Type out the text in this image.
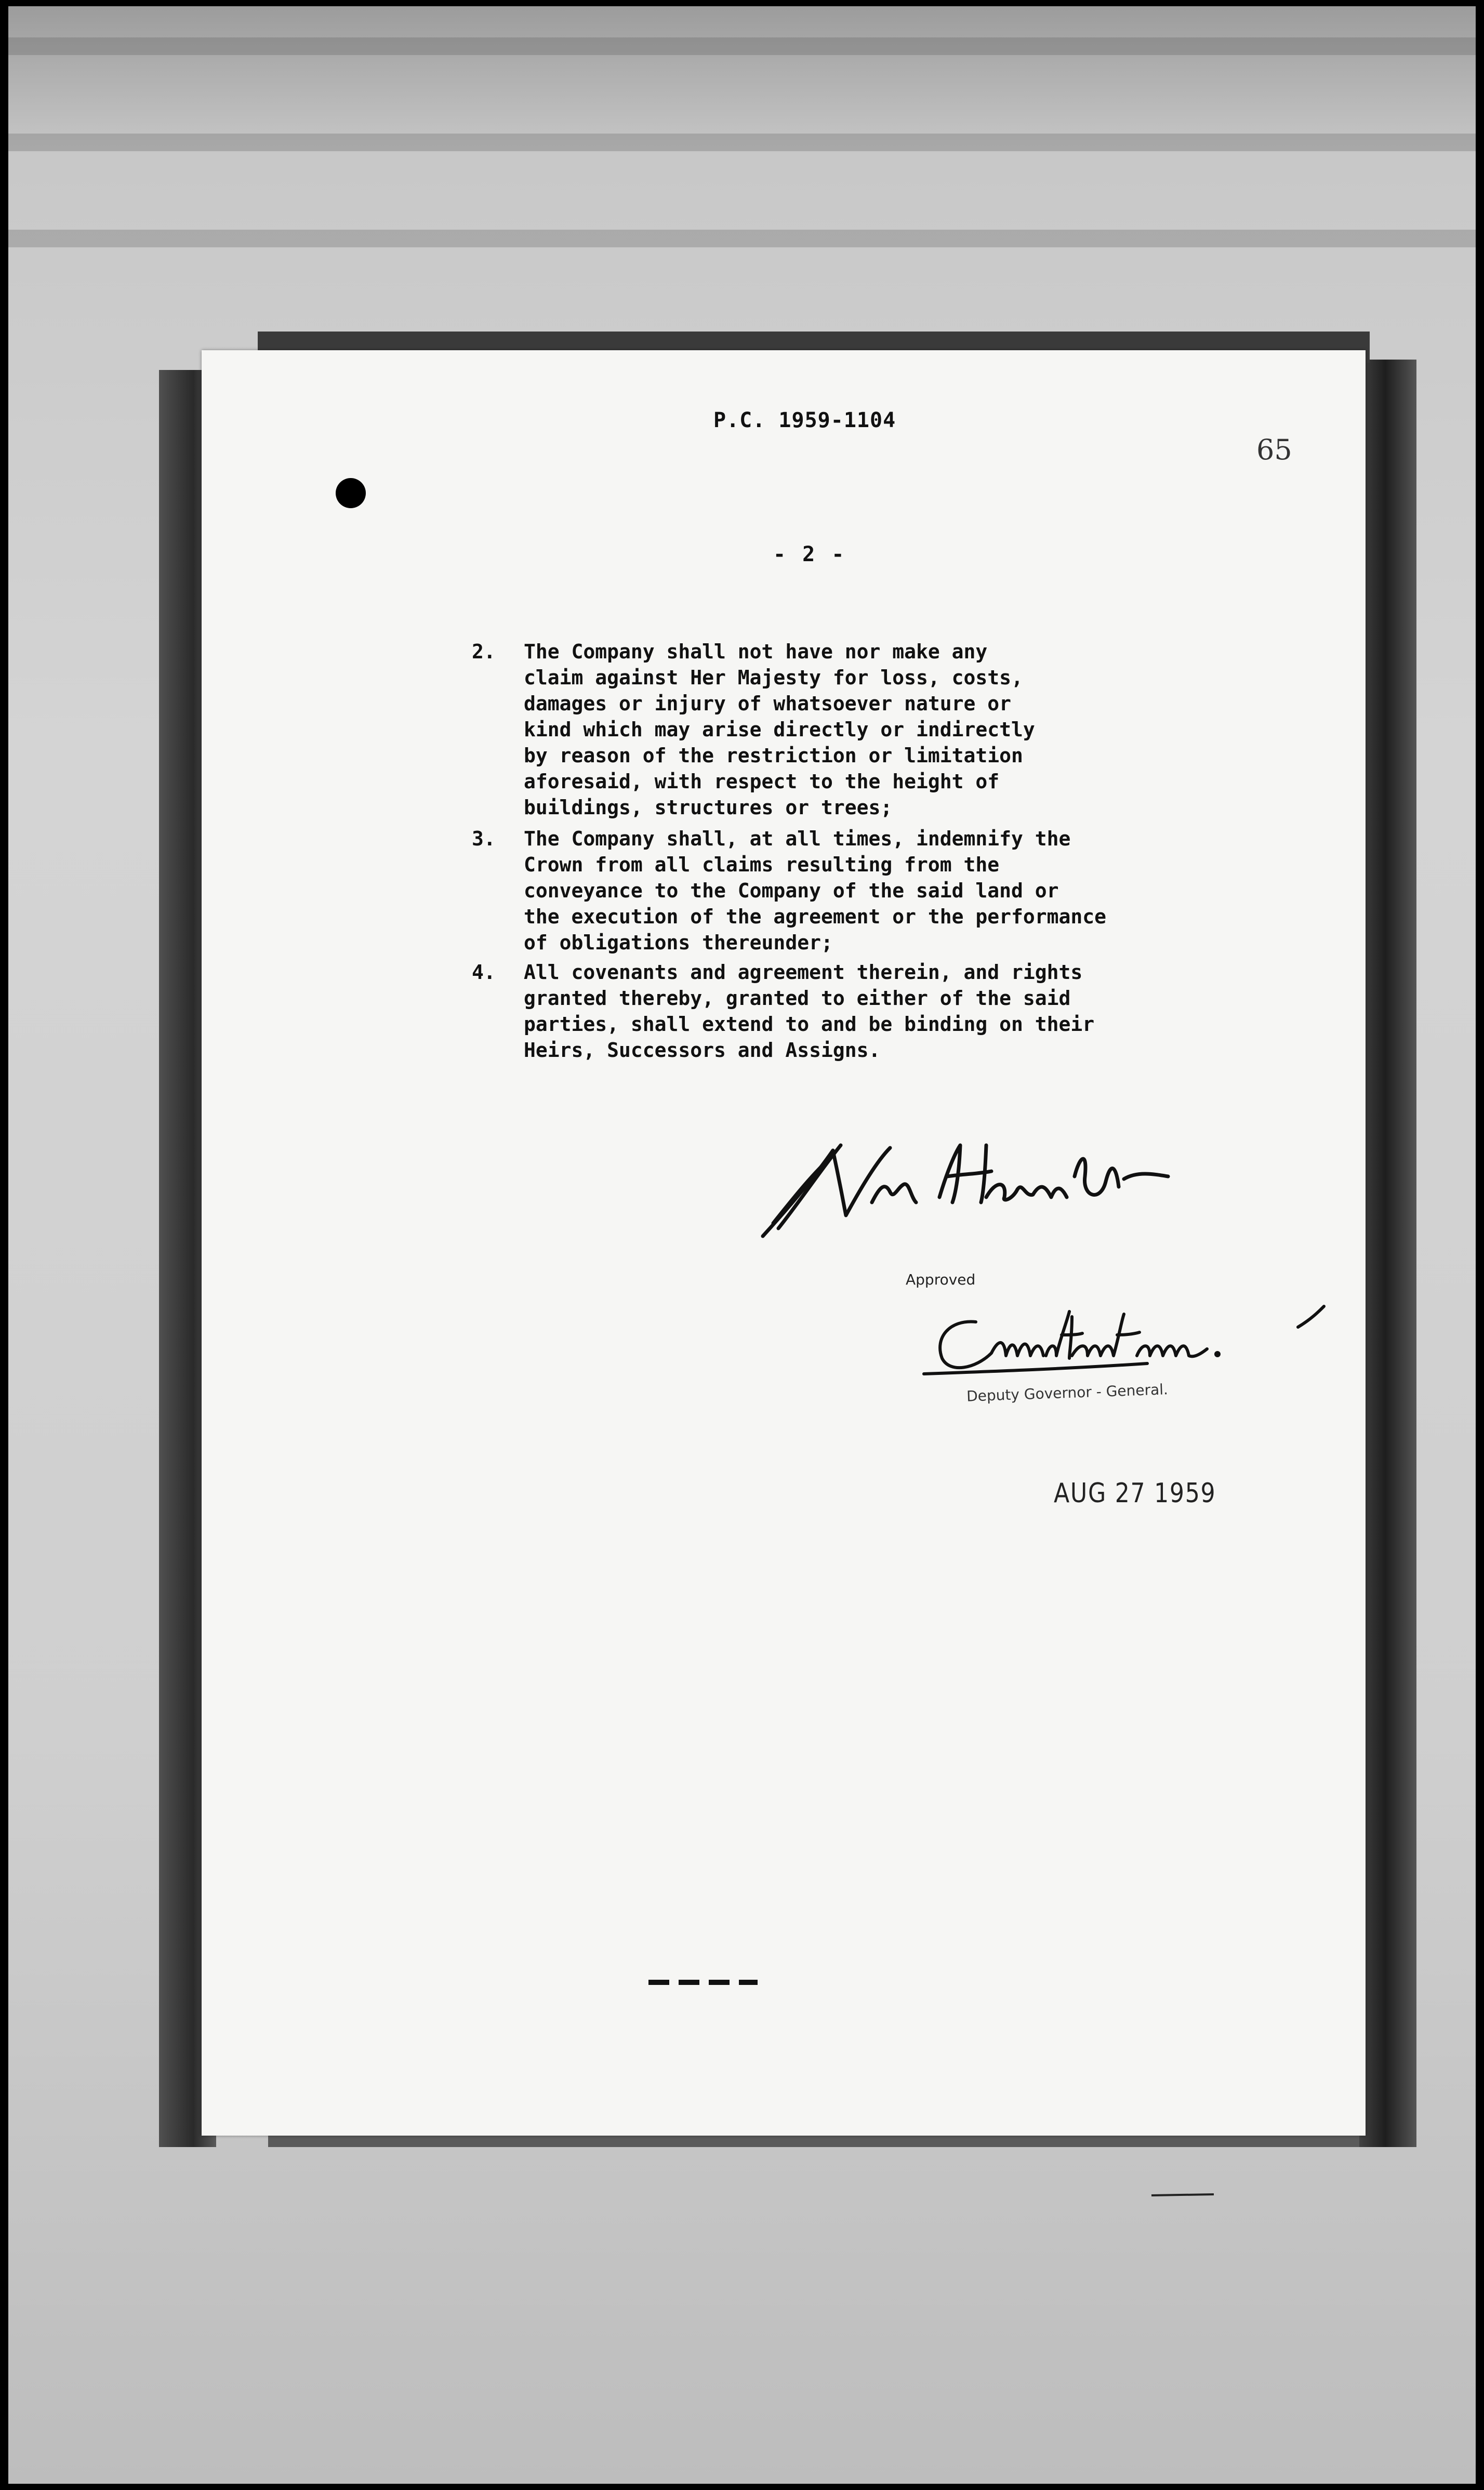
P.C. 1959-1104
65
- 2 -
2. The Company shall not have nor make any
claim against Her Majesty for loss, costs,
damages or injury of whatsoever nature or
kind which may arise directly or indirectly
by reason of the restriction or limitation
aforesaid, with respect to the height of
buildings, structures or trees;
3. The Company shall, at all times, indemnify the
Crown from all claims resulting from the
conveyance to the Company of the said land or
the execution of the agreement or the performance
of obligations thereunder;
4. All covenants and agreement therein, and rights
granted thereby, granted to either of the said
parties, shall extend to and be binding on their
Heirs, Successors and Assigns.
Approved
Deputy Governor - General.
AUG 27 1959
